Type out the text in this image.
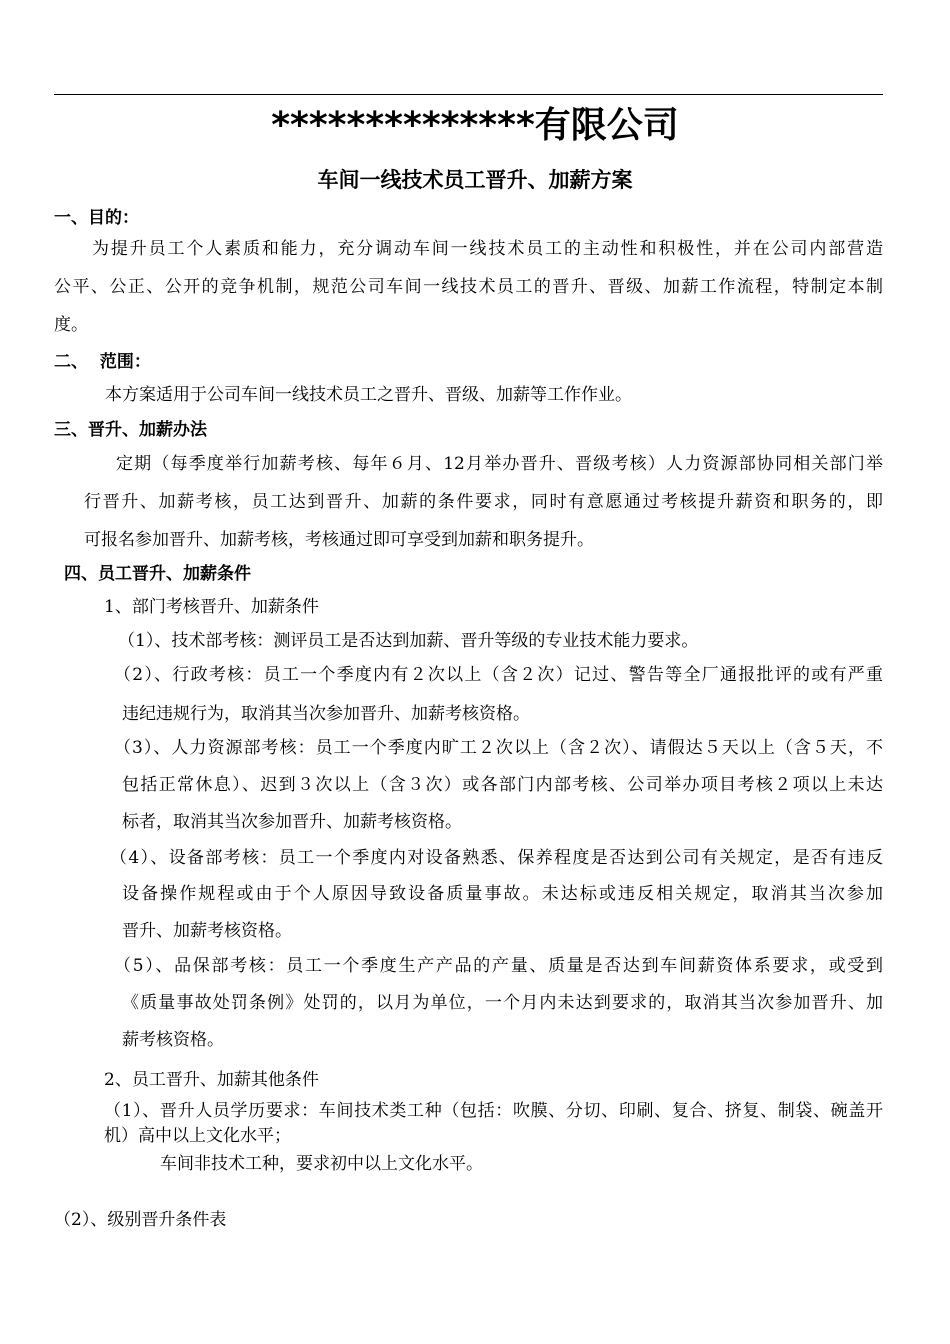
**************有限公司
车间一线技术员工晋升、加薪方案
一、目的：
为提升员工个人素质和能力，充分调动车间一线技术员工的主动性和积极性，并在公司内部营造
公平、公正、公开的竞争机制，规范公司车间一线技术员工的晋升、晋级、加薪工作流程，特制定本制
度。
二、  范围：
本方案适用于公司车间一线技术员工之晋升、晋级、加薪等工作作业。
三、晋升、加薪办法
定期（每季度举行加薪考核、每年６月、12月举办晋升、晋级考核）人力资源部协同相关部门举
行晋升、加薪考核，员工达到晋升、加薪的条件要求，同时有意愿通过考核提升薪资和职务的，即
可报名参加晋升、加薪考核，考核通过即可享受到加薪和职务提升。
四、员工晋升、加薪条件
1、部门考核晋升、加薪条件
（1）、技术部考核：测评员工是否达到加薪、晋升等级的专业技术能力要求。
（2）、行政考核：员工一个季度内有２次以上（含２次）记过、警告等全厂通报批评的或有严重
违纪违规行为，取消其当次参加晋升、加薪考核资格。
（3）、人力资源部考核：员工一个季度内旷工２次以上（含２次）、请假达５天以上（含５天，不
包括正常休息）、迟到３次以上（含３次）或各部门内部考核、公司举办项目考核２项以上未达
标者，取消其当次参加晋升、加薪考核资格。
（4）、设备部考核：员工一个季度内对设备熟悉、保养程度是否达到公司有关规定，是否有违反
设备操作规程或由于个人原因导致设备质量事故。未达标或违反相关规定，取消其当次参加
晋升、加薪考核资格。
（5）、品保部考核：员工一个季度生产产品的产量、质量是否达到车间薪资体系要求，或受到
《质量事故处罚条例》处罚的，以月为单位，一个月内未达到要求的，取消其当次参加晋升、加
薪考核资格。
2、员工晋升、加薪其他条件
（1）、晋升人员学历要求：车间技术类工种（包括：吹膜、分切、印刷、复合、挤复、制袋、碗盖开
机）高中以上文化水平；
车间非技术工种，要求初中以上文化水平。
（2）、级别晋升条件表
